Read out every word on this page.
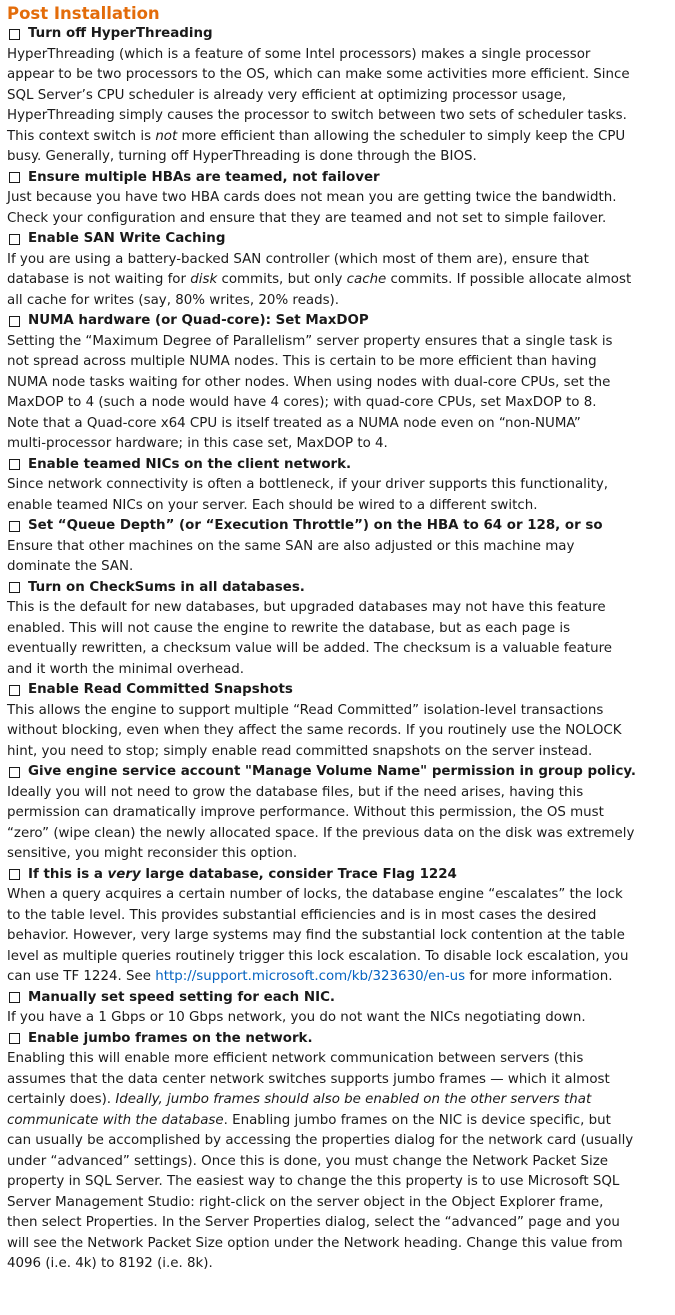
Post Installation
Turn off HyperThreading
HyperThreading (which is a feature of some Intel processors) makes a single processor
appear to be two processors to the OS, which can make some activities more efficient. Since
SQL Server’s CPU scheduler is already very efficient at optimizing processor usage,
HyperThreading simply causes the processor to switch between two sets of scheduler tasks.
This context switch is not more efficient than allowing the scheduler to simply keep the CPU
busy. Generally, turning off HyperThreading is done through the BIOS.
Ensure multiple HBAs are teamed, not failover
Just because you have two HBA cards does not mean you are getting twice the bandwidth.
Check your configuration and ensure that they are teamed and not set to simple failover.
Enable SAN Write Caching
If you are using a battery-backed SAN controller (which most of them are), ensure that
database is not waiting for disk commits, but only cache commits. If possible allocate almost
all cache for writes (say, 80% writes, 20% reads).
NUMA hardware (or Quad-core): Set MaxDOP
Setting the “Maximum Degree of Parallelism” server property ensures that a single task is
not spread across multiple NUMA nodes. This is certain to be more efficient than having
NUMA node tasks waiting for other nodes. When using nodes with dual-core CPUs, set the
MaxDOP to 4 (such a node would have 4 cores); with quad-core CPUs, set MaxDOP to 8.
Note that a Quad-core x64 CPU is itself treated as a NUMA node even on “non-NUMA”
multi-processor hardware; in this case set, MaxDOP to 4.
Enable teamed NICs on the client network.
Since network connectivity is often a bottleneck, if your driver supports this functionality,
enable teamed NICs on your server. Each should be wired to a different switch.
Set “Queue Depth” (or “Execution Throttle”) on the HBA to 64 or 128, or so
Ensure that other machines on the same SAN are also adjusted or this machine may
dominate the SAN.
Turn on CheckSums in all databases.
This is the default for new databases, but upgraded databases may not have this feature
enabled. This will not cause the engine to rewrite the database, but as each page is
eventually rewritten, a checksum value will be added. The checksum is a valuable feature
and it worth the minimal overhead.
Enable Read Committed Snapshots
This allows the engine to support multiple “Read Committed” isolation-level transactions
without blocking, even when they affect the same records. If you routinely use the NOLOCK
hint, you need to stop; simply enable read committed snapshots on the server instead.
Give engine service account "Manage Volume Name" permission in group policy.
Ideally you will not need to grow the database files, but if the need arises, having this
permission can dramatically improve performance. Without this permission, the OS must
“zero” (wipe clean) the newly allocated space. If the previous data on the disk was extremely
sensitive, you might reconsider this option.
If this is a very large database, consider Trace Flag 1224
When a query acquires a certain number of locks, the database engine “escalates” the lock
to the table level. This provides substantial efficiencies and is in most cases the desired
behavior. However, very large systems may find the substantial lock contention at the table
level as multiple queries routinely trigger this lock escalation. To disable lock escalation, you
can use TF 1224. See http://support.microsoft.com/kb/323630/en-us for more information.
Manually set speed setting for each NIC.
If you have a 1 Gbps or 10 Gbps network, you do not want the NICs negotiating down.
Enable jumbo frames on the network.
Enabling this will enable more efficient network communication between servers (this
assumes that the data center network switches supports jumbo frames — which it almost
certainly does). Ideally, jumbo frames should also be enabled on the other servers that
communicate with the database. Enabling jumbo frames on the NIC is device specific, but
can usually be accomplished by accessing the properties dialog for the network card (usually
under “advanced” settings). Once this is done, you must change the Network Packet Size
property in SQL Server. The easiest way to change the this property is to use Microsoft SQL
Server Management Studio: right-click on the server object in the Object Explorer frame,
then select Properties. In the Server Properties dialog, select the “advanced” page and you
will see the Network Packet Size option under the Network heading. Change this value from
4096 (i.e. 4k) to 8192 (i.e. 8k).
